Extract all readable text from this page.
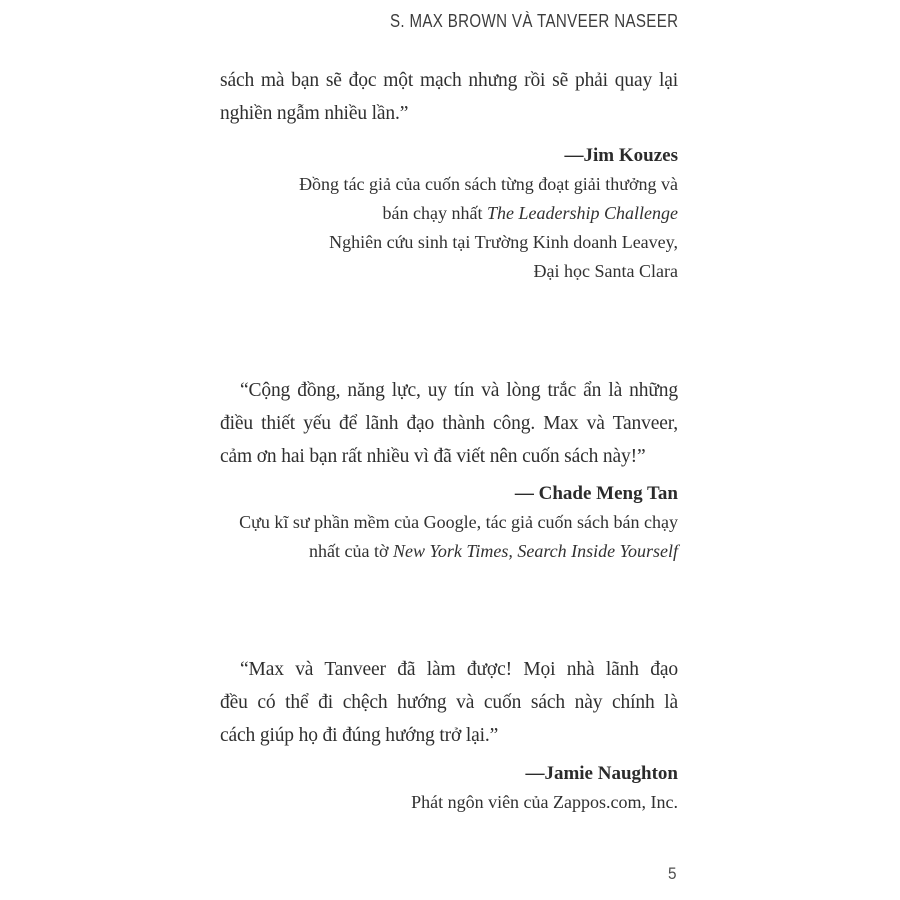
S. MAX BROWN VÀ TANVEER NASEER
sách mà bạn sẽ đọc một mạch nhưng rồi sẽ phải quay lại
nghiền ngẫm nhiều lần.”
—Jim Kouzes
Đồng tác giả của cuốn sách từng đoạt giải thưởng và
bán chạy nhất The Leadership Challenge
Nghiên cứu sinh tại Trường Kinh doanh Leavey,
Đại học Santa Clara
“Cộng đồng, năng lực, uy tín và lòng trắc ẩn là những
điều thiết yếu để lãnh đạo thành công. Max và Tanveer,
cảm ơn hai bạn rất nhiều vì đã viết nên cuốn sách này!”
— Chade Meng Tan
Cựu kĩ sư phần mềm của Google, tác giả cuốn sách bán chạy
nhất của tờ New York Times, Search Inside Yourself
“Max và Tanveer đã làm được! Mọi nhà lãnh đạo
đều có thể đi chệch hướng và cuốn sách này chính là
cách giúp họ đi đúng hướng trở lại.”
—Jamie Naughton
Phát ngôn viên của Zappos.com, Inc.
5
